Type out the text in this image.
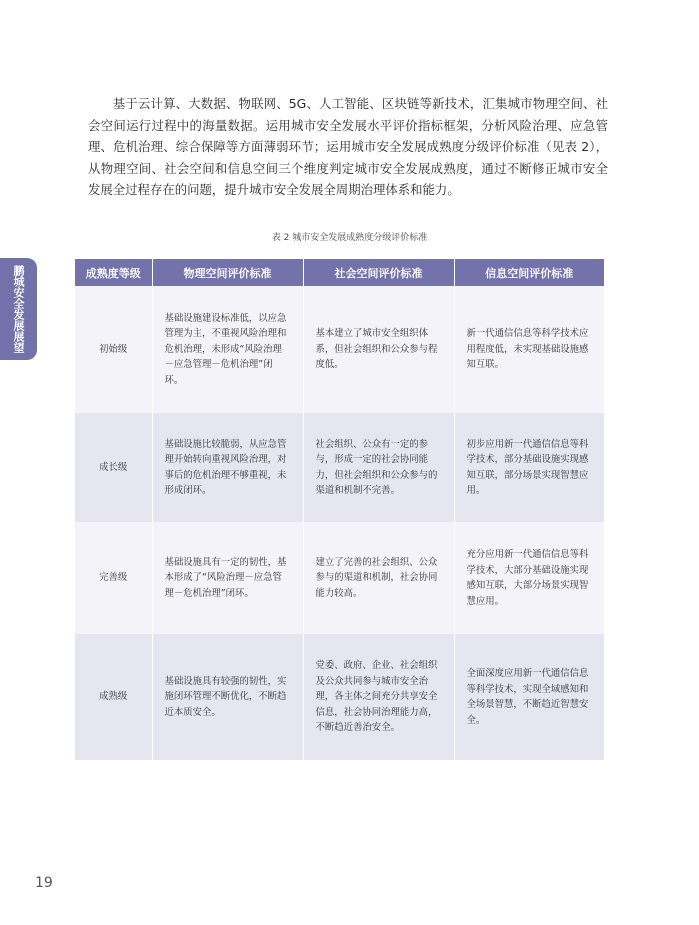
鹏城安全发展展望

基于云计算、大数据、物联网、5G、人工智能、区块链等新技术，汇集城市物理空间、社会空间运行过程中的海量数据。运用城市安全发展水平评价指标框架，分析风险治理、应急管理、危机治理、综合保障等方面薄弱环节；运用城市安全发展成熟度分级评价标准（见表 2），从物理空间、社会空间和信息空间三个维度判定城市安全发展成熟度，通过不断修正城市安全发展全过程存在的问题，提升城市安全发展全周期治理体系和能力。

表 2 城市安全发展成熟度分级评价标准
成熟度等级	物理空间评价标准	社会空间评价标准	信息空间评价标准
初始级	基础设施建设标准低，以应急管理为主，不重视风险治理和危机治理，未形成“风险治理－应急管理－危机治理”闭环。	基本建立了城市安全组织体系，但社会组织和公众参与程度低。	新一代通信信息等科学技术应用程度低，未实现基础设施感知互联。
成长级	基础设施比较脆弱，从应急管理开始转向重视风险治理，对事后的危机治理不够重视，未形成闭环。	社会组织、公众有一定的参与，形成一定的社会协同能力，但社会组织和公众参与的渠道和机制不完善。	初步应用新一代通信信息等科学技术，部分基础设施实现感知互联，部分场景实现智慧应用。
完善级	基础设施具有一定的韧性，基本形成了“风险治理－应急管理－危机治理”闭环。	建立了完善的社会组织、公众参与的渠道和机制，社会协同能力较高。	充分应用新一代通信信息等科学技术，大部分基础设施实现感知互联，大部分场景实现智慧应用。
成熟级	基础设施具有较强的韧性，实施闭环管理不断优化，不断趋近本质安全。	党委、政府、企业、社会组织及公众共同参与城市安全治理，各主体之间充分共享安全信息，社会协同治理能力高，不断趋近善治安全。	全面深度应用新一代通信信息等科学技术，实现全域感知和全场景智慧，不断趋近智慧安全。
19
